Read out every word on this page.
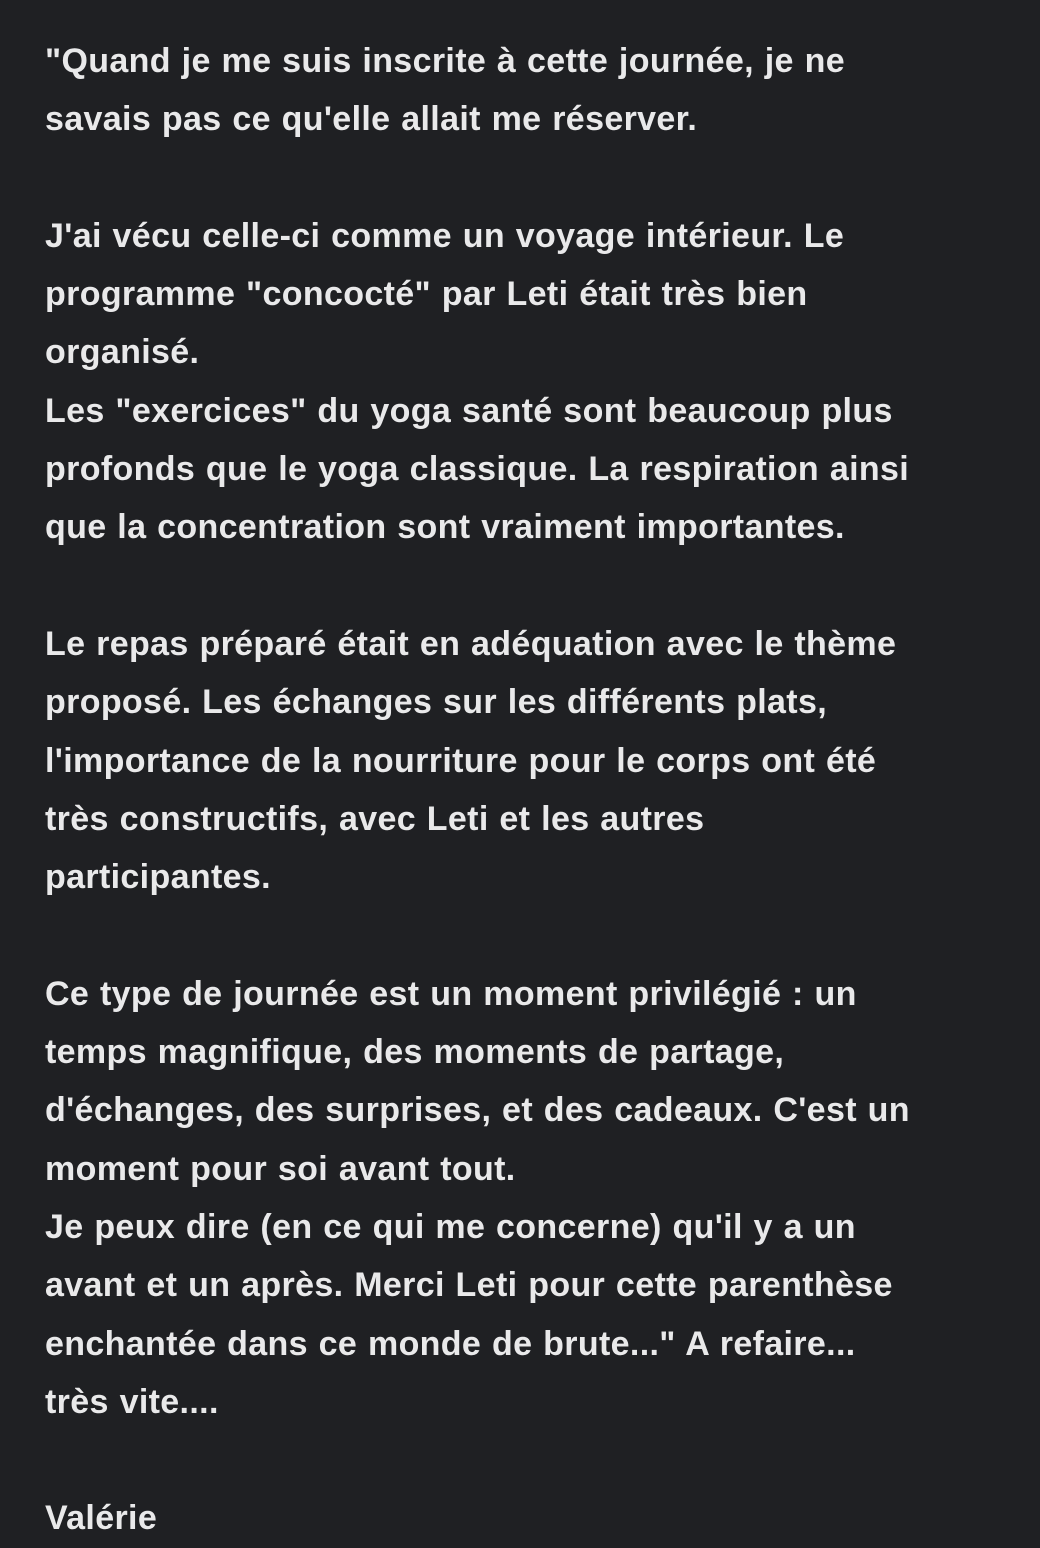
"Quand je me suis inscrite à cette journée, je ne
savais pas ce qu'elle allait me réserver.
J'ai vécu celle-ci comme un voyage intérieur. Le
programme "concocté" par Leti était très bien
organisé.
Les "exercices" du yoga santé sont beaucoup plus
profonds que le yoga classique. La respiration ainsi
que la concentration sont vraiment importantes.
Le repas préparé était en adéquation avec le thème
proposé. Les échanges sur les différents plats,
l'importance de la nourriture pour le corps ont été
très constructifs, avec Leti et les autres
participantes.
Ce type de journée est un moment privilégié : un
temps magnifique, des moments de partage,
d'échanges, des surprises, et des cadeaux. C'est un
moment pour soi avant tout.
Je peux dire (en ce qui me concerne) qu'il y a un
avant et un après. Merci Leti pour cette parenthèse
enchantée dans ce monde de brute..." A refaire...
très vite....
Valérie
